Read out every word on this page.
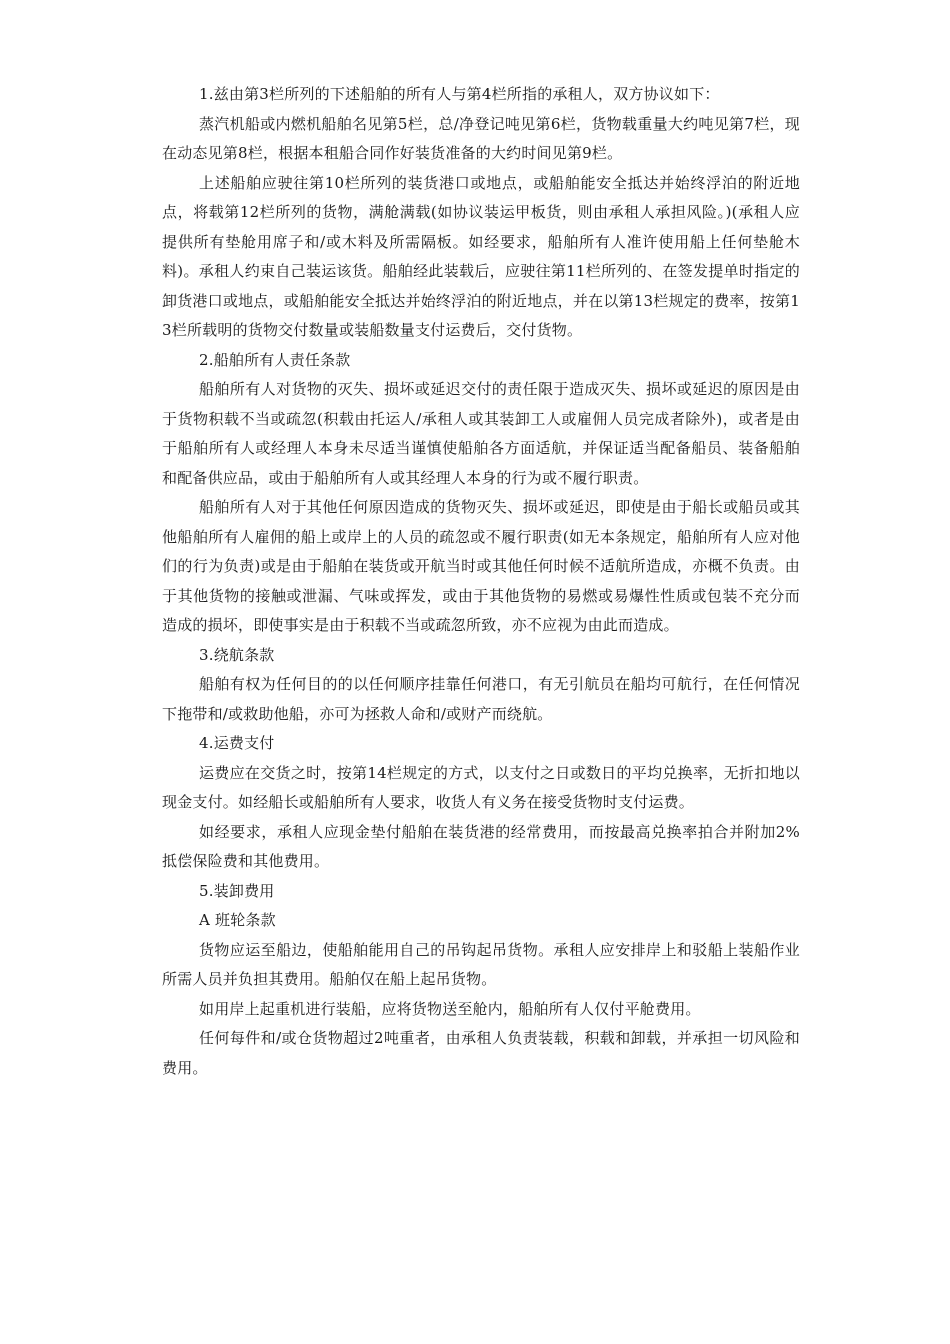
1.兹由第3栏所列的下述船舶的所有人与第4栏所指的承租人，双方协议如下：

蒸汽机船或内燃机船舶名见第5栏，总/净登记吨见第6栏，货物载重量大约吨见第7栏，现在动态见第8栏，根据本租船合同作好装货准备的大约时间见第9栏。

上述船舶应驶往第10栏所列的装货港口或地点，或船舶能安全抵达并始终浮泊的附近地点，将载第12栏所列的货物，满舱满载(如协议装运甲板货，则由承租人承担风险。)(承租人应提供所有垫舱用席子和/或木料及所需隔板。如经要求，船舶所有人准许使用船上任何垫舱木料)。承租人约束自己装运该货。船舶经此装载后，应驶往第11栏所列的、在签发提单时指定的卸货港口或地点，或船舶能安全抵达并始终浮泊的附近地点，并在以第13栏规定的费率，按第13栏所载明的货物交付数量或装船数量支付运费后，交付货物。

2.船舶所有人责任条款

船舶所有人对货物的灭失、损坏或延迟交付的责任限于造成灭失、损坏或延迟的原因是由于货物积载不当或疏忽(积载由托运人/承租人或其装卸工人或雇佣人员完成者除外)，或者是由于船舶所有人或经理人本身未尽适当谨慎使船舶各方面适航，并保证适当配备船员、装备船舶和配备供应品，或由于船舶所有人或其经理人本身的行为或不履行职责。

船舶所有人对于其他任何原因造成的货物灭失、损坏或延迟，即使是由于船长或船员或其他船舶所有人雇佣的船上或岸上的人员的疏忽或不履行职责(如无本条规定，船舶所有人应对他们的行为负责)或是由于船舶在装货或开航当时或其他任何时候不适航所造成，亦概不负责。由于其他货物的接触或泄漏、气味或挥发，或由于其他货物的易燃或易爆性性质或包装不充分而造成的损坏，即使事实是由于积载不当或疏忽所致，亦不应视为由此而造成。

3.绕航条款

船舶有权为任何目的的以任何顺序挂靠任何港口，有无引航员在船均可航行，在任何情况下拖带和/或救助他船，亦可为拯救人命和/或财产而绕航。

4.运费支付

运费应在交货之时，按第14栏规定的方式，以支付之日或数日的平均兑换率，无折扣地以现金支付。如经船长或船舶所有人要求，收货人有义务在接受货物时支付运费。

如经要求，承租人应现金垫付船舶在装货港的经常费用，而按最高兑换率拍合并附加2%抵偿保险费和其他费用。

5.装卸费用

A 班轮条款

货物应运至船边，使船舶能用自己的吊钩起吊货物。承租人应安排岸上和驳船上装船作业所需人员并负担其费用。船舶仅在船上起吊货物。

如用岸上起重机进行装船，应将货物送至舱内，船舶所有人仅付平舱费用。

任何每件和/或仓货物超过2吨重者，由承租人负责装载，积载和卸载，并承担一切风险和费用。
